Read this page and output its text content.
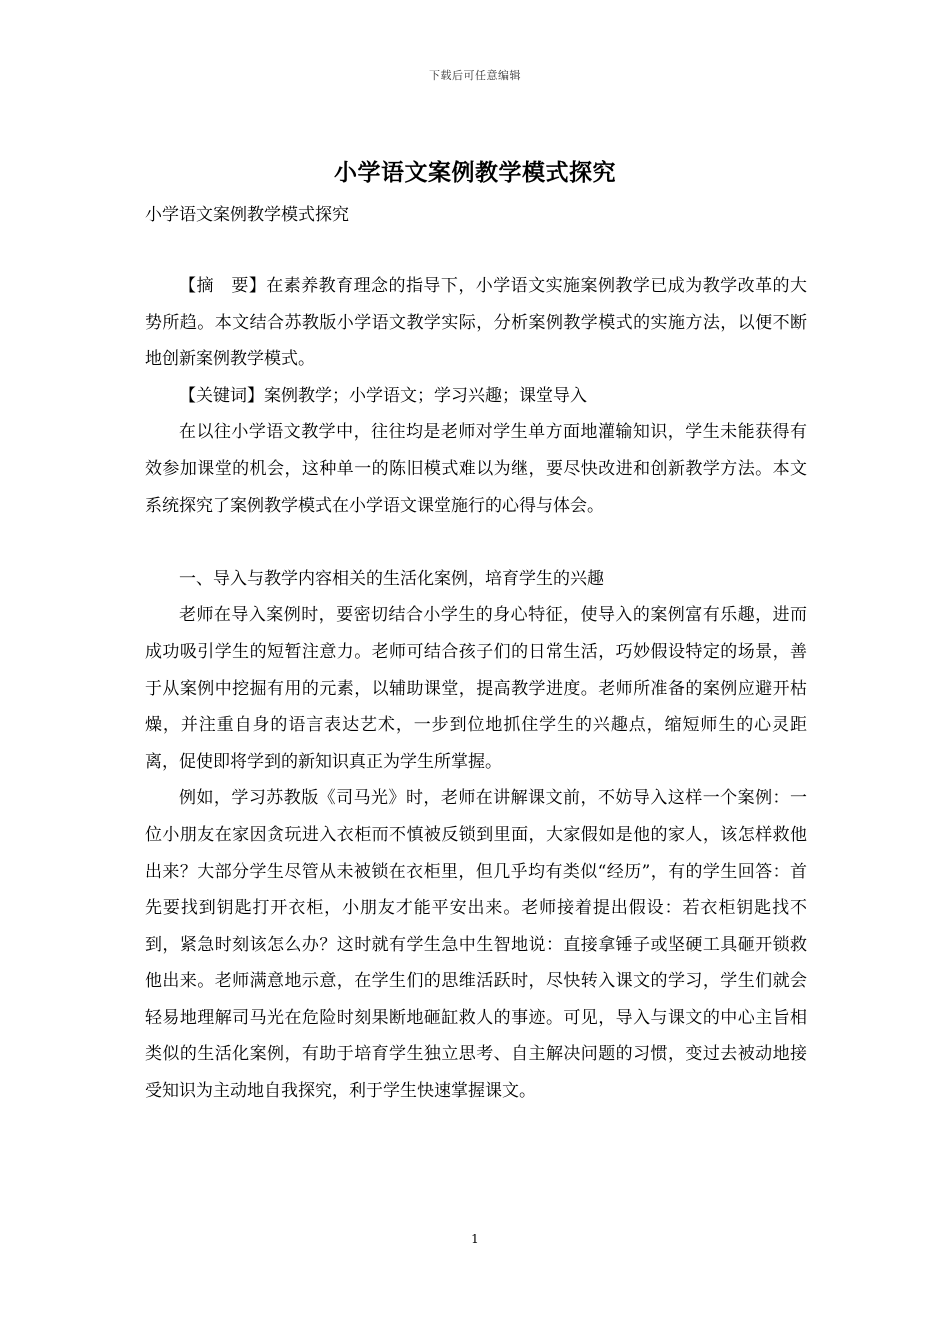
下载后可任意编辑
小学语文案例教学模式探究
小学语文案例教学模式探究

【摘　要】在素养教育理念的指导下，小学语文实施案例教学已成为教学改革的大势所趋。本文结合苏教版小学语文教学实际，分析案例教学模式的实施方法，以便不断地创新案例教学模式。

【关键词】案例教学；小学语文；学习兴趣；课堂导入

在以往小学语文教学中，往往均是老师对学生单方面地灌输知识，学生未能获得有效参加课堂的机会，这种单一的陈旧模式难以为继，要尽快改进和创新教学方法。本文系统探究了案例教学模式在小学语文课堂施行的心得与体会。

一、导入与教学内容相关的生活化案例，培育学生的兴趣

老师在导入案例时，要密切结合小学生的身心特征，使导入的案例富有乐趣，进而成功吸引学生的短暂注意力。老师可结合孩子们的日常生活，巧妙假设特定的场景，善于从案例中挖掘有用的元素，以辅助课堂，提高教学进度。老师所准备的案例应避开枯燥，并注重自身的语言表达艺术，一步到位地抓住学生的兴趣点，缩短师生的心灵距离，促使即将学到的新知识真正为学生所掌握。

例如，学习苏教版《司马光》时，老师在讲解课文前，不妨导入这样一个案例：一位小朋友在家因贪玩进入衣柜而不慎被反锁到里面，大家假如是他的家人，该怎样救他出来？大部分学生尽管从未被锁在衣柜里，但几乎均有类似“经历”，有的学生回答：首先要找到钥匙打开衣柜，小朋友才能平安出来。老师接着提出假设：若衣柜钥匙找不到，紧急时刻该怎么办？这时就有学生急中生智地说：直接拿锤子或坚硬工具砸开锁救他出来。老师满意地示意，在学生们的思维活跃时，尽快转入课文的学习，学生们就会轻易地理解司马光在危险时刻果断地砸缸救人的事迹。可见，导入与课文的中心主旨相类似的生活化案例，有助于培育学生独立思考、自主解决问题的习惯，变过去被动地接受知识为主动地自我探究，利于学生快速掌握课文。

1
